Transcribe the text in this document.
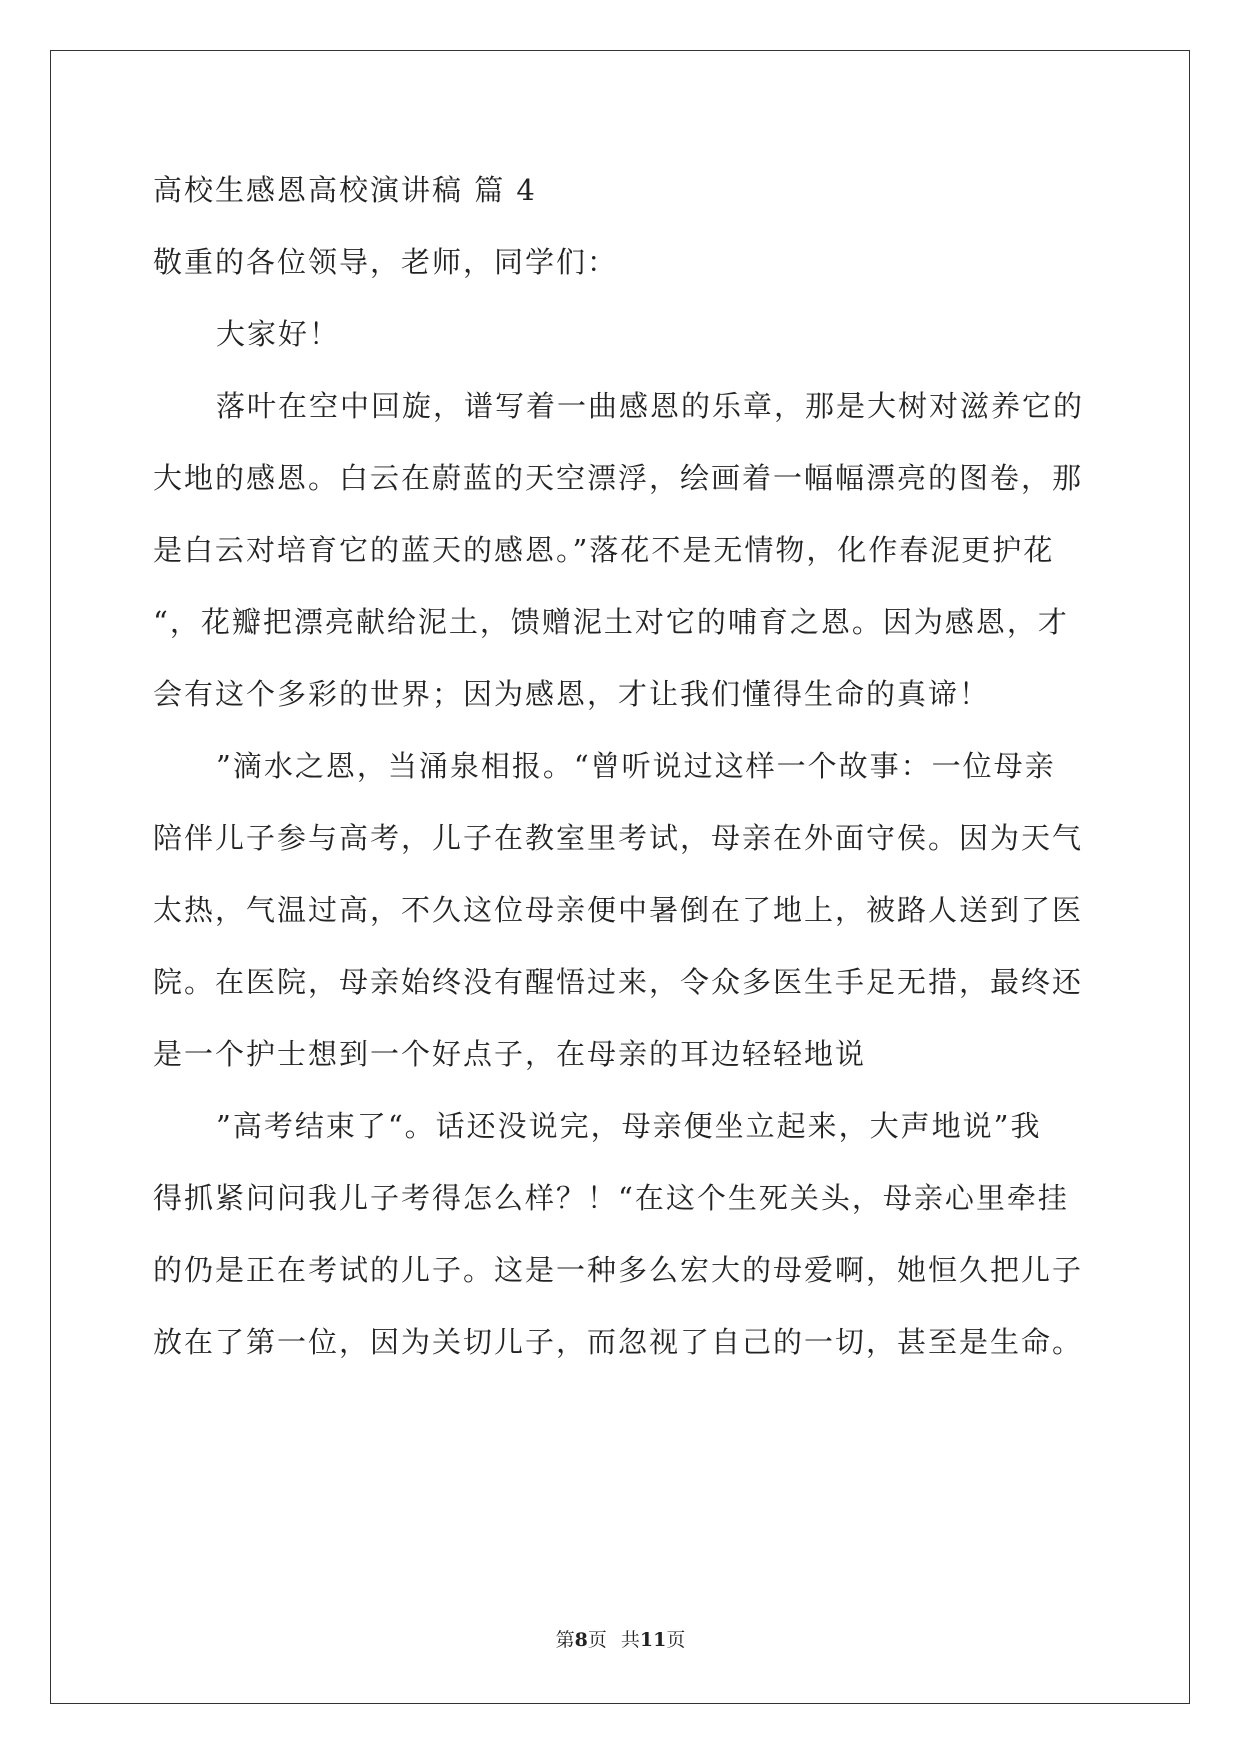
高校生感恩高校演讲稿 篇 4
敬重的各位领导，老师，同学们：
大家好！
落叶在空中回旋，谱写着一曲感恩的乐章，那是大树对滋养它的
大地的感恩。白云在蔚蓝的天空漂浮，绘画着一幅幅漂亮的图卷，那
是白云对培育它的蓝天的感恩。”落花不是无情物，化作春泥更护花
“，花瓣把漂亮献给泥土，馈赠泥土对它的哺育之恩。因为感恩，才
会有这个多彩的世界；因为感恩，才让我们懂得生命的真谛！
”滴水之恩，当涌泉相报。“曾听说过这样一个故事：一位母亲
陪伴儿子参与高考，儿子在教室里考试，母亲在外面守侯。因为天气
太热，气温过高，不久这位母亲便中暑倒在了地上，被路人送到了医
院。在医院，母亲始终没有醒悟过来，令众多医生手足无措，最终还
是一个护士想到一个好点子，在母亲的耳边轻轻地说
”高考结束了“。话还没说完，母亲便坐立起来，大声地说”我
得抓紧问问我儿子考得怎么样？！“在这个生死关头，母亲心里牵挂
的仍是正在考试的儿子。这是一种多么宏大的母爱啊，她恒久把儿子
放在了第一位，因为关切儿子，而忽视了自己的一切，甚至是生命。
第8页 共11页
